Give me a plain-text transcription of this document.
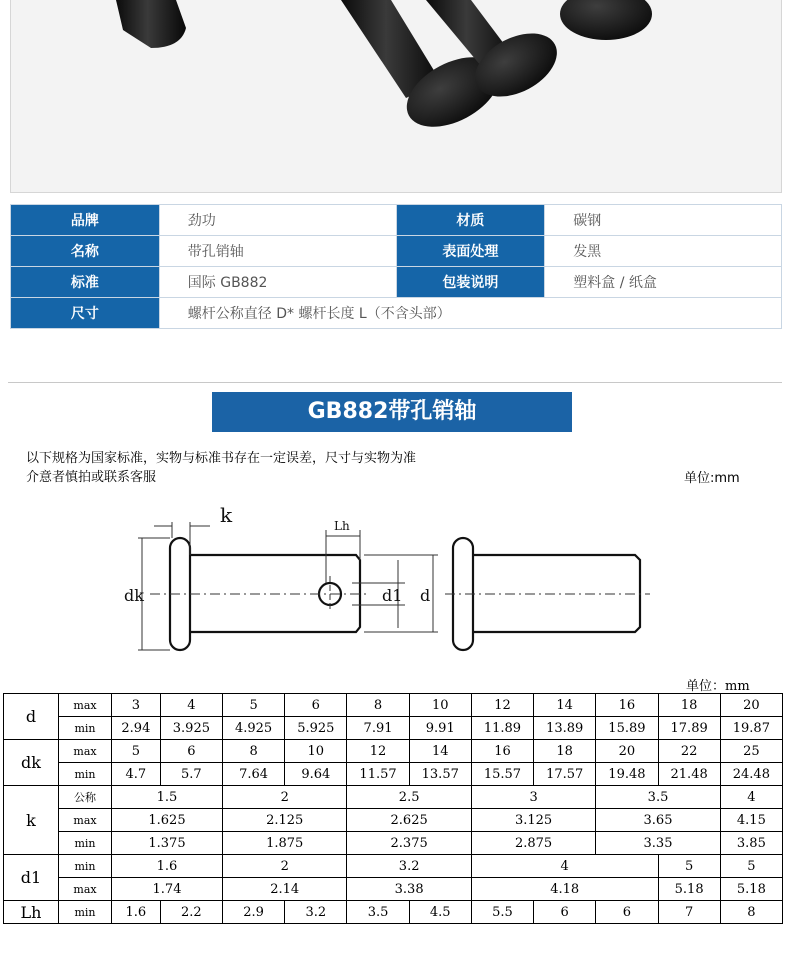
品牌	劲功	材质	碳钢
名称	带孔销轴	表面处理	发黑
标准	国际 GB882	包装说明	塑料盒 / 纸盒
尺寸	螺杆公称直径 D* 螺杆长度 L（不含头部）		
GB882带孔销轴
以下规格为国家标准，实物与标准书存在一定误差，尺寸与实物为准
介意者慎拍或联系客服	单位:mm
k	Lh
dk	d1 d
单位：mm
d	max	3	4	5	6	8	10	12	14	16	18	20
	min	2.94	3.925	4.925	5.925	7.91	9.91	11.89	13.89	15.89	17.89	19.87
dk	max	5	6	8	10	12	14	16	18	20	22	25
	min	4.7	5.7	7.64	9.64	11.57	13.57	15.57	17.57	19.48	21.48	24.48
k	公称	1.5		2		2.5		3		3.5		4
	max	1.625		2.125		2.625		3.125		3.65		4.15
	min	1.375		1.875		2.375		2.875		3.35		3.85
d1	min	1.6		2		3.2		4			5	5
	max	1.74		2.14		3.38		4.18			5.18	5.18
Lh	min	1.6	2.2	2.9	3.2	3.5	4.5	5.5	6	6	7	8
